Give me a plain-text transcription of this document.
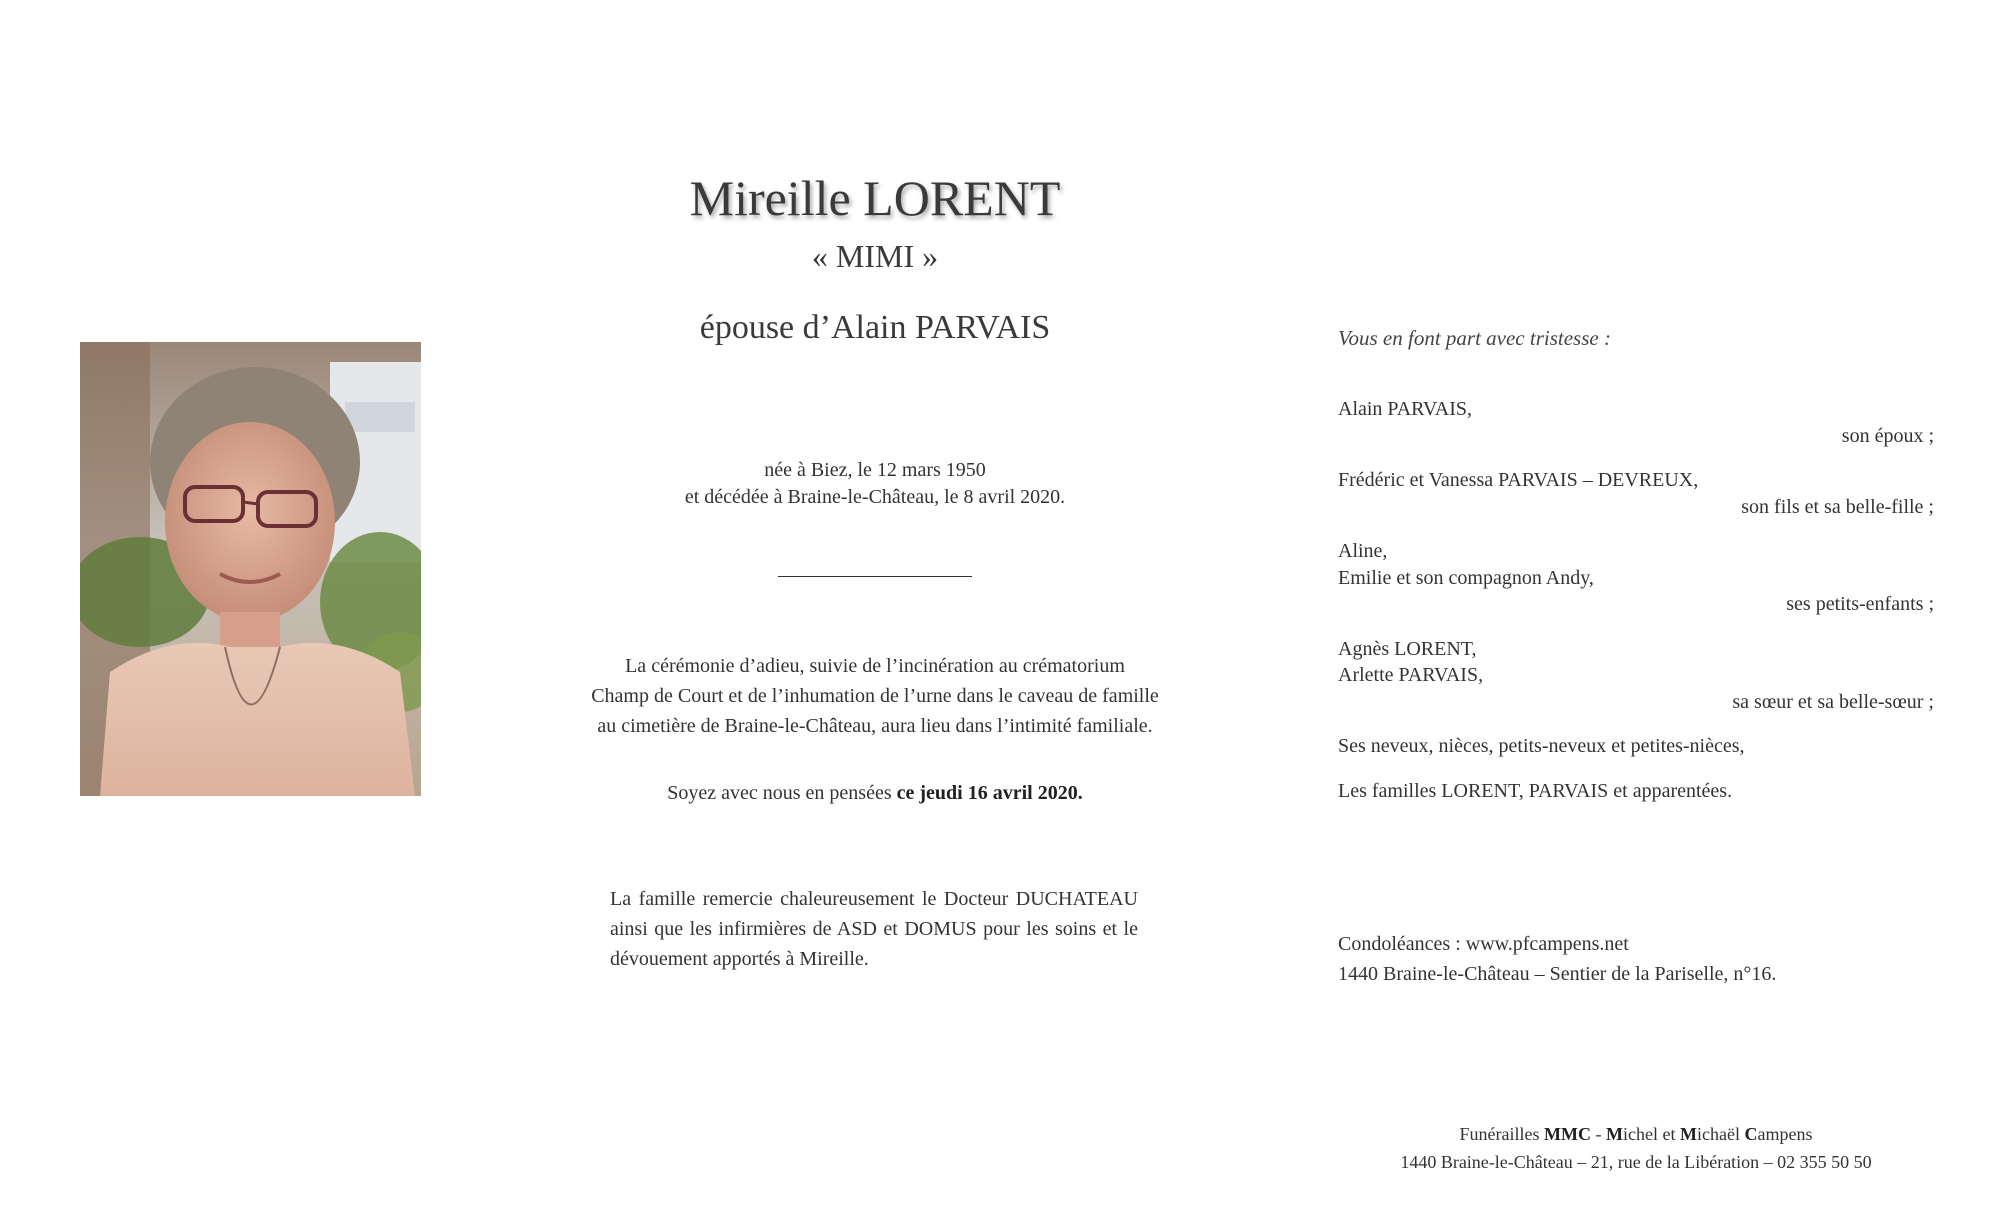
Mireille LORENT
« MIMI »
épouse d’Alain PARVAIS
née à Biez, le 12 mars 1950
et décédée à Braine-le-Château, le 8 avril 2020.
La cérémonie d’adieu, suivie de l’incinération au crématorium
Champ de Court et de l’inhumation de l’urne dans le caveau de famille
au cimetière de Braine-le-Château, aura lieu dans l’intimité familiale.
Soyez avec nous en pensées ce jeudi 16 avril 2020.
La famille remercie chaleureusement le Docteur DUCHATEAU ainsi que les infirmières de ASD et DOMUS pour les soins et le dévouement apportés à Mireille.
Vous en font part avec tristesse :
Alain PARVAIS,
son époux ;
Frédéric et Vanessa PARVAIS – DEVREUX,
son fils et sa belle-fille ;
Aline,
Emilie et son compagnon Andy,
ses petits-enfants ;
Agnès LORENT,
Arlette PARVAIS,
sa sœur et sa belle-sœur ;
Ses neveux, nièces, petits-neveux et petites-nièces,
Les familles LORENT, PARVAIS et apparentées.
Condoléances : www.pfcampens.net
1440 Braine-le-Château – Sentier de la Pariselle, n°16.
Funérailles MMC - Michel et Michaël Campens
1440 Braine-le-Château – 21, rue de la Libération – 02 355 50 50
